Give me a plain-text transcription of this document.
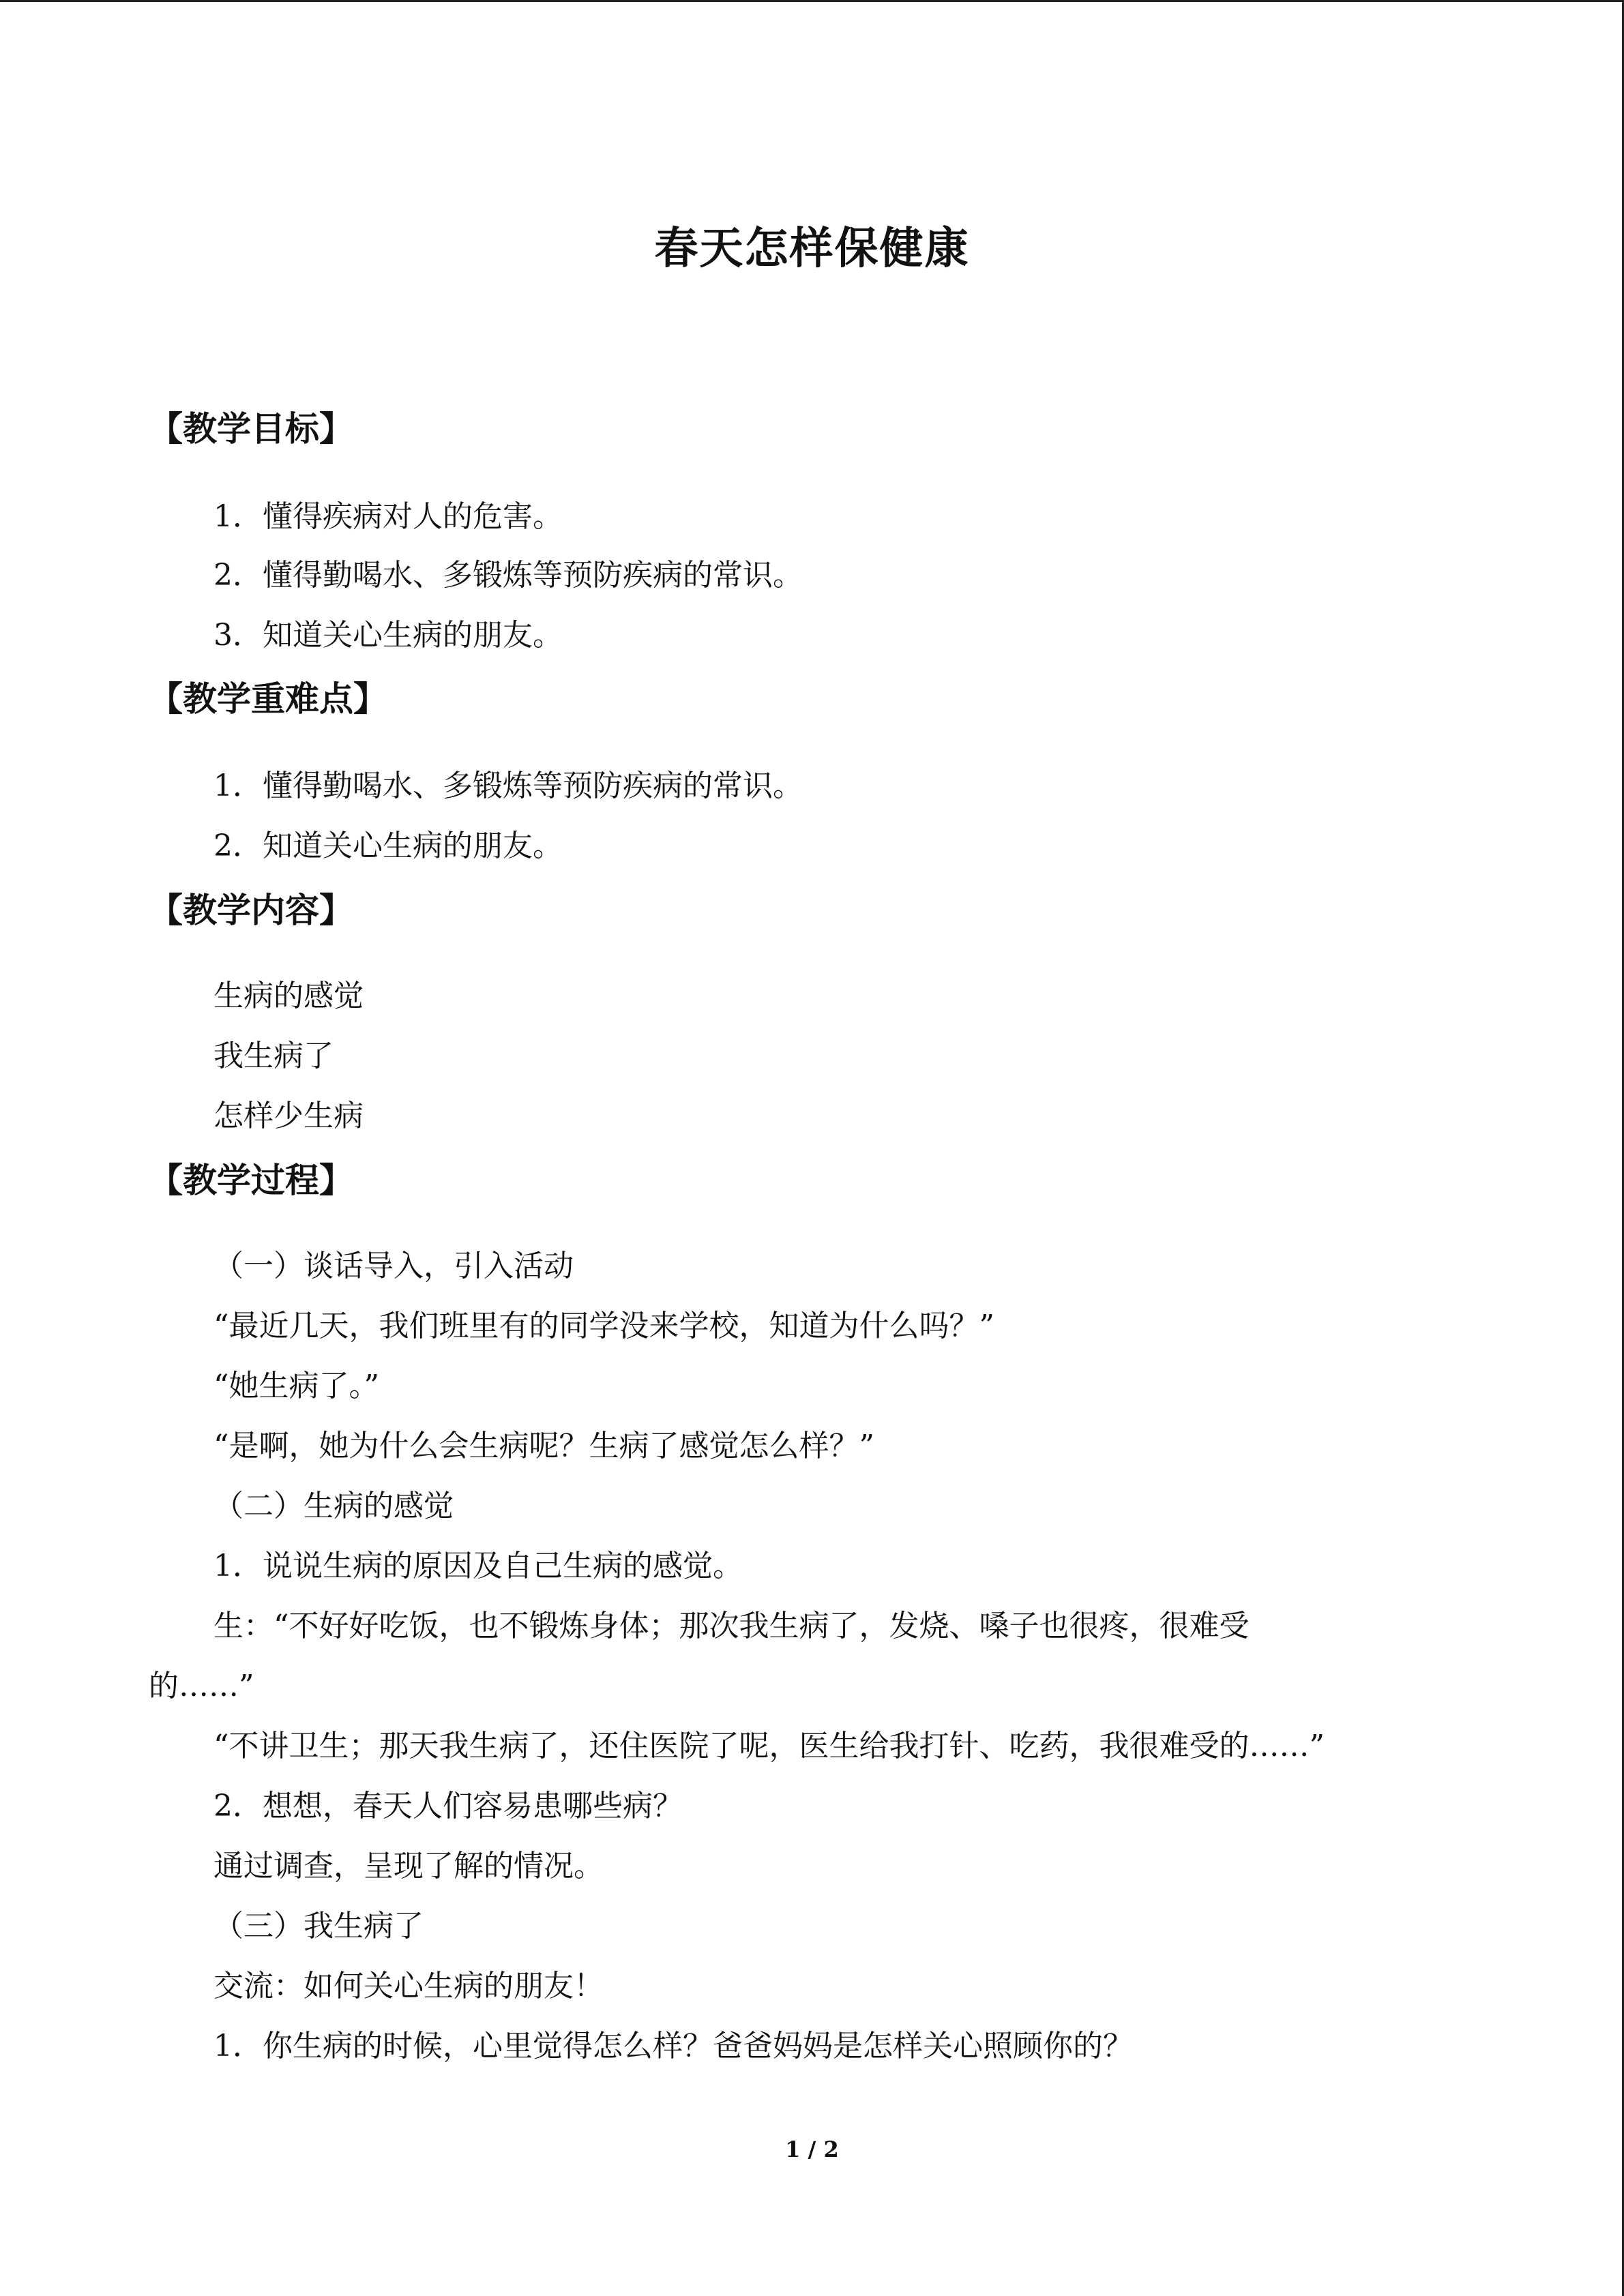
春天怎样保健康
【教学目标】
1．懂得疾病对人的危害。
2．懂得勤喝水、多锻炼等预防疾病的常识。
3．知道关心生病的朋友。
【教学重难点】
1．懂得勤喝水、多锻炼等预防疾病的常识。
2．知道关心生病的朋友。
【教学内容】
生病的感觉
我生病了
怎样少生病
【教学过程】
（一）谈话导入，引入活动
“最近几天，我们班里有的同学没来学校，知道为什么吗？”
“她生病了。”
“是啊，她为什么会生病呢？生病了感觉怎么样？”
（二）生病的感觉
1．说说生病的原因及自己生病的感觉。
生：“不好好吃饭，也不锻炼身体；那次我生病了，发烧、嗓子也很疼，很难受
的……”
“不讲卫生；那天我生病了，还住医院了呢，医生给我打针、吃药，我很难受的……”
2．想想，春天人们容易患哪些病？
通过调查，呈现了解的情况。
（三）我生病了
交流：如何关心生病的朋友！
1．你生病的时候，心里觉得怎么样？爸爸妈妈是怎样关心照顾你的？
1 / 2
